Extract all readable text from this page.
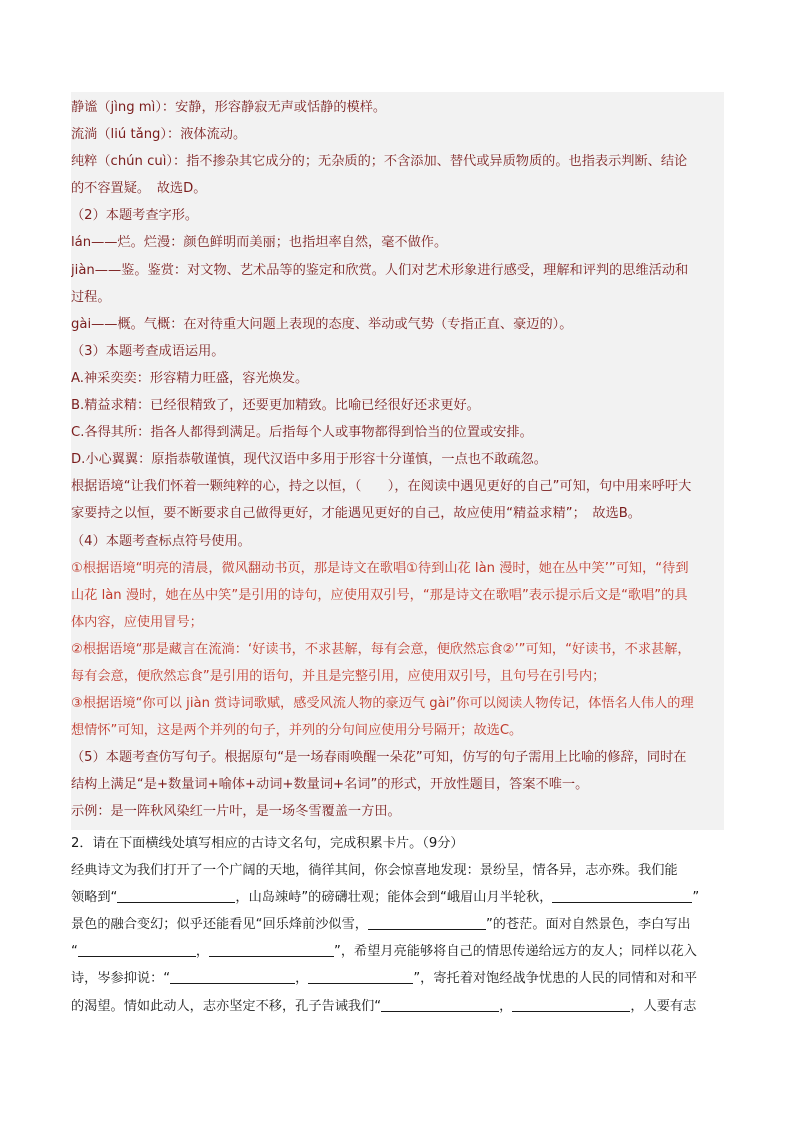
静谧（jìng mì）：安静，形容静寂无声或恬静的模样。
流淌（liú tǎng）：液体流动。
纯粹（chún cuì）：指不掺杂其它成分的；无杂质的；不含添加、替代或异质物质的。也指表示判断、结论
的不容置疑。　故选D。
（2）本题考查字形。
lán——烂。烂漫：颜色鲜明而美丽；也指坦率自然，毫不做作。
jiàn——鉴。鉴赏：对文物、艺术品等的鉴定和欣赏。人们对艺术形象进行感受，理解和评判的思维活动和
过程。
gài——概。气概：在对待重大问题上表现的态度、举动或气势（专指正直、豪迈的）。
（3）本题考查成语运用。
A.神采奕奕：形容精力旺盛，容光焕发。
B.精益求精：已经很精致了，还要更加精致。比喻已经很好还求更好。
C.各得其所：指各人都得到满足。后指每个人或事物都得到恰当的位置或安排。
D.小心翼翼：原指恭敬谨慎，现代汉语中多用于形容十分谨慎，一点也不敢疏忽。
根据语境“让我们怀着一颗纯粹的心，持之以恒，（　　），在阅读中遇见更好的自己”可知，句中用来呼吁大
家要持之以恒，要不断要求自己做得更好，才能遇见更好的自己，故应使用“精益求精”；　故选B。
（4）本题考查标点符号使用。
①根据语境“明亮的清晨，微风翻动书页，那是诗文在歌唱①待到山花 làn 漫时，她在丛中笑’”可知，“待到
山花 làn 漫时，她在丛中笑”是引用的诗句，应使用双引号，“那是诗文在歌唱”表示提示后文是“歌唱”的具
体内容，应使用冒号；
②根据语境“那是藏言在流淌：‘好读书，不求甚解，每有会意，便欣然忘食②’”可知，“好读书，不求甚解，
每有会意，便欣然忘食”是引用的语句，并且是完整引用，应使用双引号，且句号在引号内；
③根据语境“你可以 jiàn 赏诗词歌赋，感受风流人物的豪迈气 gài”你可以阅读人物传记，体悟名人伟人的理
想情怀”可知，这是两个并列的句子，并列的分句间应使用分号隔开；故选C。
（5）本题考查仿写句子。根据原句“是一场春雨唤醒一朵花”可知，仿写的句子需用上比喻的修辞，同时在
结构上满足“是+数量词+喻体+动词+数量词+名词”的形式，开放性题目，答案不唯一。
示例：是一阵秋风染红一片叶，是一场冬雪覆盖一方田。
2．请在下面横线处填写相应的古诗文名句，完成积累卡片。（9分）
经典诗文为我们打开了一个广阔的天地，徜徉其间，你会惊喜地发现：景纷呈，情各异，志亦殊。我们能
领略到“	，山岛竦峙”的磅礴壮观；能体会到“峨眉山月半轮秋，	”
景色的融合变幻；似乎还能看见“回乐烽前沙似雪，	”的苍茫。面对自然景色，李白写出
“	，	”，希望月亮能够将自己的情思传递给远方的友人；同样以花入
诗，岑参抑说：“	，	”，寄托着对饱经战争忧患的人民的同情和对和平
的渴望。情如此动人，志亦坚定不移，孔子告诫我们“	，	，人要有志
